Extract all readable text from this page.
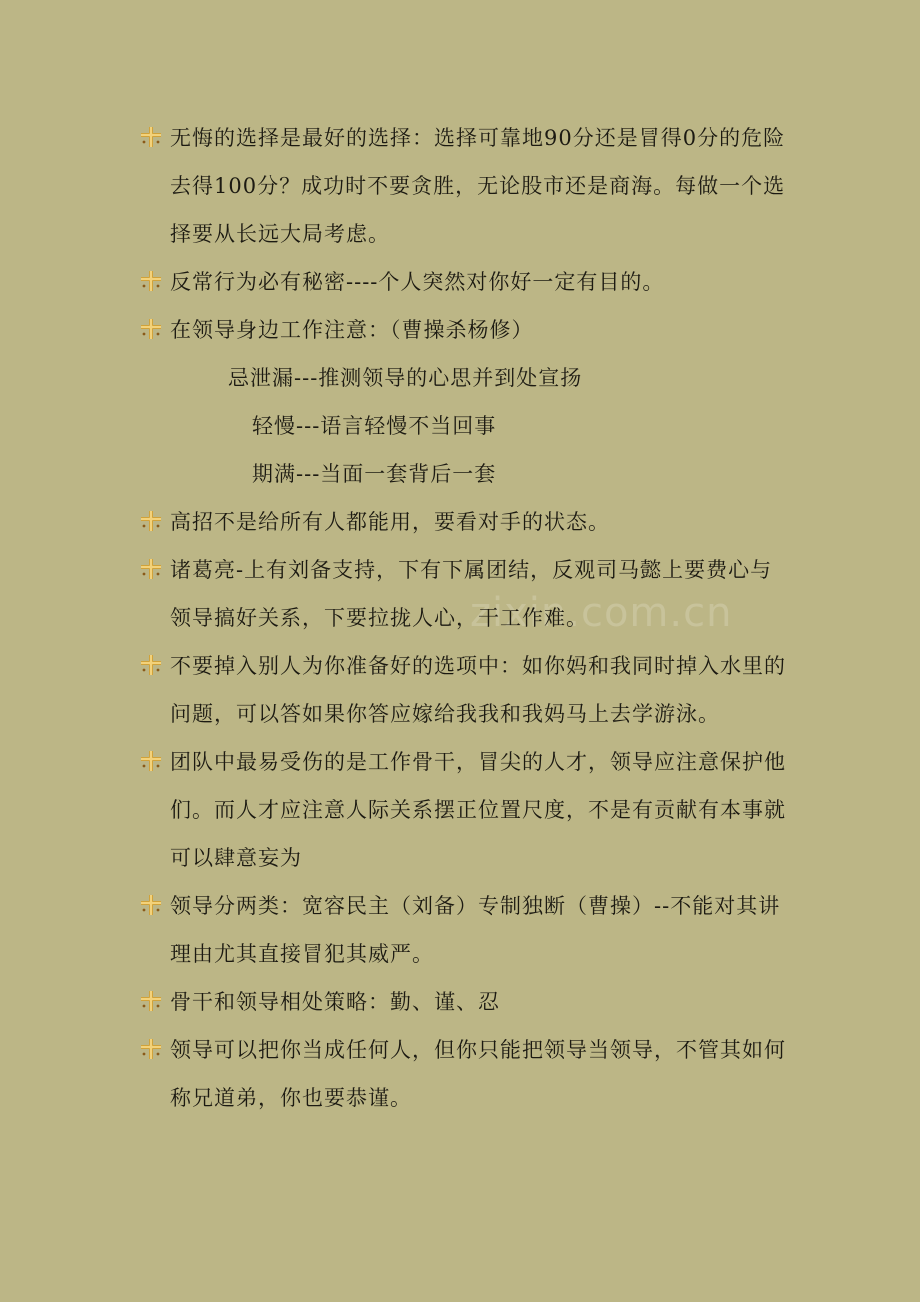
zixin.com.cn

无悔的选择是最好的选择：选择可靠地90分还是冒得0分的危险去得100分？成功时不要贪胜，无论股市还是商海。每做一个选择要从长远大局考虑。

反常行为必有秘密----个人突然对你好一定有目的。

在领导身边工作注意：（曹操杀杨修）

忌泄漏---推测领导的心思并到处宣扬

轻慢---语言轻慢不当回事

期满---当面一套背后一套

高招不是给所有人都能用，要看对手的状态。

诸葛亮-上有刘备支持，下有下属团结，反观司马懿上要费心与领导搞好关系，下要拉拢人心，干工作难。

不要掉入别人为你准备好的选项中：如你妈和我同时掉入水里的问题，可以答如果你答应嫁给我我和我妈马上去学游泳。

团队中最易受伤的是工作骨干，冒尖的人才，领导应注意保护他们。而人才应注意人际关系摆正位置尺度，不是有贡献有本事就可以肆意妄为

领导分两类：宽容民主（刘备）专制独断（曹操）--不能对其讲理由尤其直接冒犯其威严。

骨干和领导相处策略：勤、谨、忍

领导可以把你当成任何人，但你只能把领导当领导，不管其如何称兄道弟，你也要恭谨。
